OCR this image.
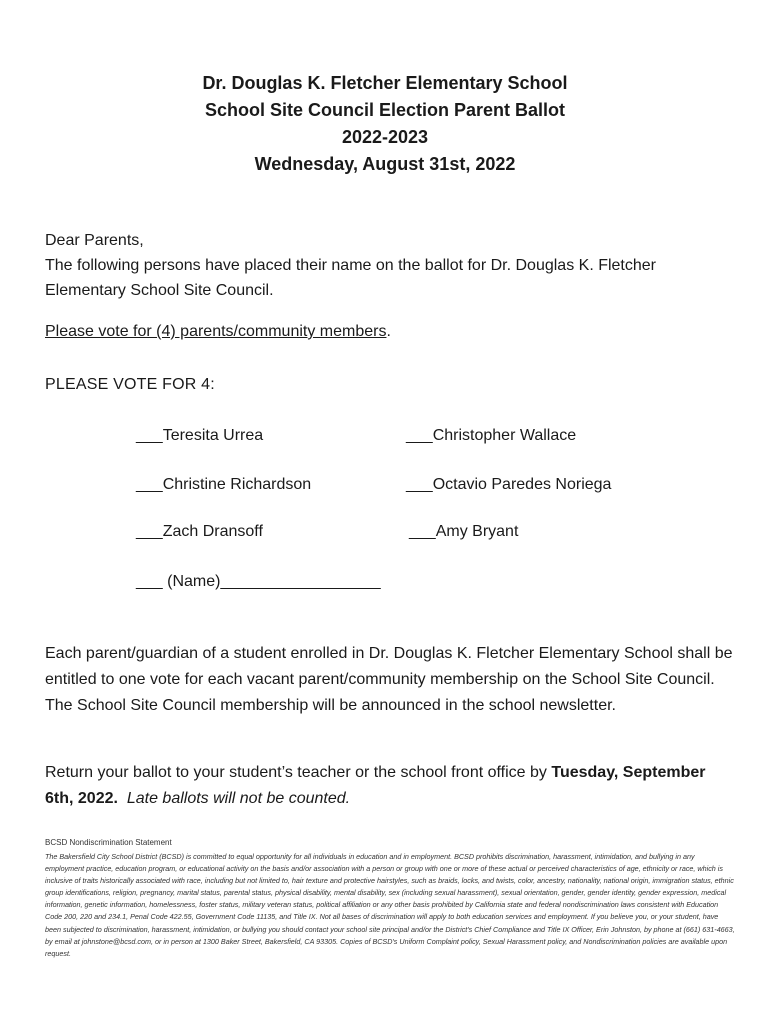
Dr. Douglas K. Fletcher Elementary School
School Site Council Election Parent Ballot
2022-2023
Wednesday, August 31st, 2022
Dear Parents,
The following persons have placed their name on the ballot for Dr. Douglas K. Fletcher Elementary School Site Council.
Please vote for (4) parents/community members.
PLEASE VOTE FOR 4:
___Teresita Urrea	___Christopher Wallace
___Christine Richardson	___Octavio Paredes Noriega
___Zach Dransoff	___Amy Bryant
___ (Name)__________________
Each parent/guardian of a student enrolled in Dr. Douglas K. Fletcher Elementary School shall be entitled to one vote for each vacant parent/community membership on the School Site Council. The School Site Council membership will be announced in the school newsletter.
Return your ballot to your student’s teacher or the school front office by Tuesday, September 6th, 2022. Late ballots will not be counted.
BCSD Nondiscrimination Statement
The Bakersfield City School District (BCSD) is committed to equal opportunity for all individuals in education and in employment. BCSD prohibits discrimination, harassment, intimidation, and bullying in any employment practice, education program, or educational activity on the basis and/or association with a person or group with one or more of these actual or perceived characteristics of age, ethnicity or race, which is inclusive of traits historically associated with race, including but not limited to, hair texture and protective hairstyles, such as braids, locks, and twists, color, ancestry, nationality, national origin, immigration status, ethnic group identifications, religion, pregnancy, marital status, parental status, physical disability, mental disability, sex (including sexual harassment), sexual orientation, gender, gender identity, gender expression, medical information, genetic information, homelessness, foster status, military veteran status, political affiliation or any other basis prohibited by California state and federal nondiscrimination laws consistent with Education Code 200, 220 and 234.1, Penal Code 422.55, Government Code 11135, and Title IX. Not all bases of discrimination will apply to both education services and employment. If you believe you, or your student, have been subjected to discrimination, harassment, intimidation, or bullying you should contact your school site principal and/or the District's Chief Compliance and Title IX Officer, Erin Johnston, by phone at (661) 631-4663, by email at johnstone@bcsd.com, or in person at 1300 Baker Street, Bakersfield, CA 93305. Copies of BCSD's Uniform Complaint policy, Sexual Harassment policy, and Nondiscrimination policies are available upon request.
